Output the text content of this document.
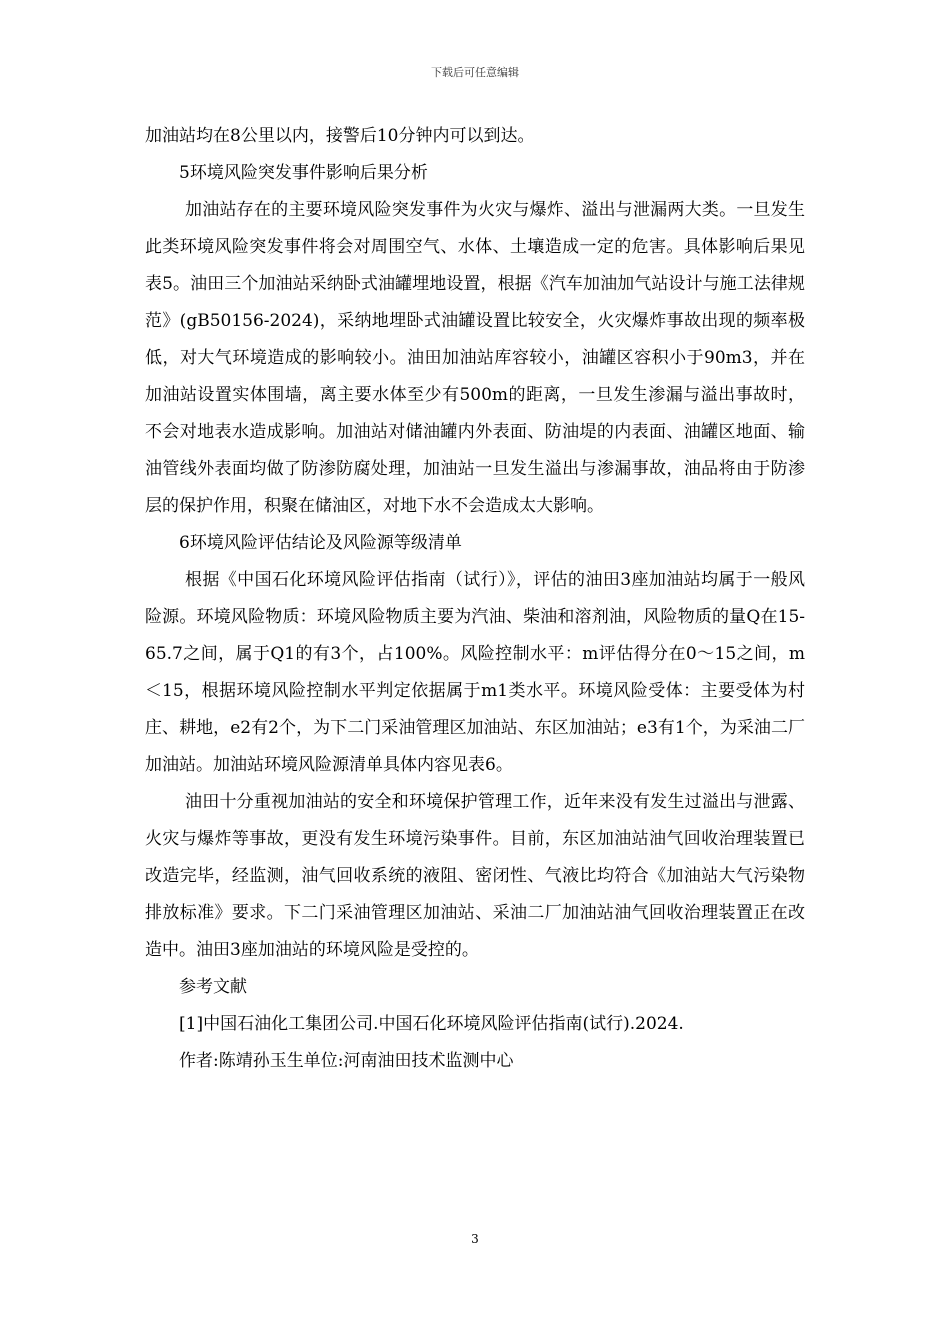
下载后可任意编辑

加油站均在8公里以内，接警后10分钟内可以到达。

5环境风险突发事件影响后果分析

加油站存在的主要环境风险突发事件为火灾与爆炸、溢出与泄漏两大类。一旦发生此类环境风险突发事件将会对周围空气、水体、土壤造成一定的危害。具体影响后果见表5。油田三个加油站采纳卧式油罐埋地设置，根据《汽车加油加气站设计与施工法律规范》(gB50156-2024)，采纳地埋卧式油罐设置比较安全，火灾爆炸事故出现的频率极低，对大气环境造成的影响较小。油田加油站库容较小，油罐区容积小于90m3，并在加油站设置实体围墙，离主要水体至少有500m的距离，一旦发生渗漏与溢出事故时，不会对地表水造成影响。加油站对储油罐内外表面、防油堤的内表面、油罐区地面、输油管线外表面均做了防渗防腐处理，加油站一旦发生溢出与渗漏事故，油品将由于防渗层的保护作用，积聚在储油区，对地下水不会造成太大影响。

6环境风险评估结论及风险源等级清单

根据《中国石化环境风险评估指南（试行）》，评估的油田3座加油站均属于一般风险源。环境风险物质：环境风险物质主要为汽油、柴油和溶剂油，风险物质的量Q在15-65.7之间，属于Q1的有3个，占100%。风险控制水平：m评估得分在0～15之间，m＜15，根据环境风险控制水平判定依据属于m1类水平。环境风险受体：主要受体为村庄、耕地，e2有2个，为下二门采油管理区加油站、东区加油站；e3有1个，为采油二厂加油站。加油站环境风险源清单具体内容见表6。

油田十分重视加油站的安全和环境保护管理工作，近年来没有发生过溢出与泄露、火灾与爆炸等事故，更没有发生环境污染事件。目前，东区加油站油气回收治理装置已改造完毕，经监测，油气回收系统的液阻、密闭性、气液比均符合《加油站大气污染物排放标准》要求。下二门采油管理区加油站、采油二厂加油站油气回收治理装置正在改造中。油田3座加油站的环境风险是受控的。

参考文献

[1]中国石油化工集团公司.中国石化环境风险评估指南(试行).2024.

作者:陈靖孙玉生单位:河南油田技术监测中心

3
